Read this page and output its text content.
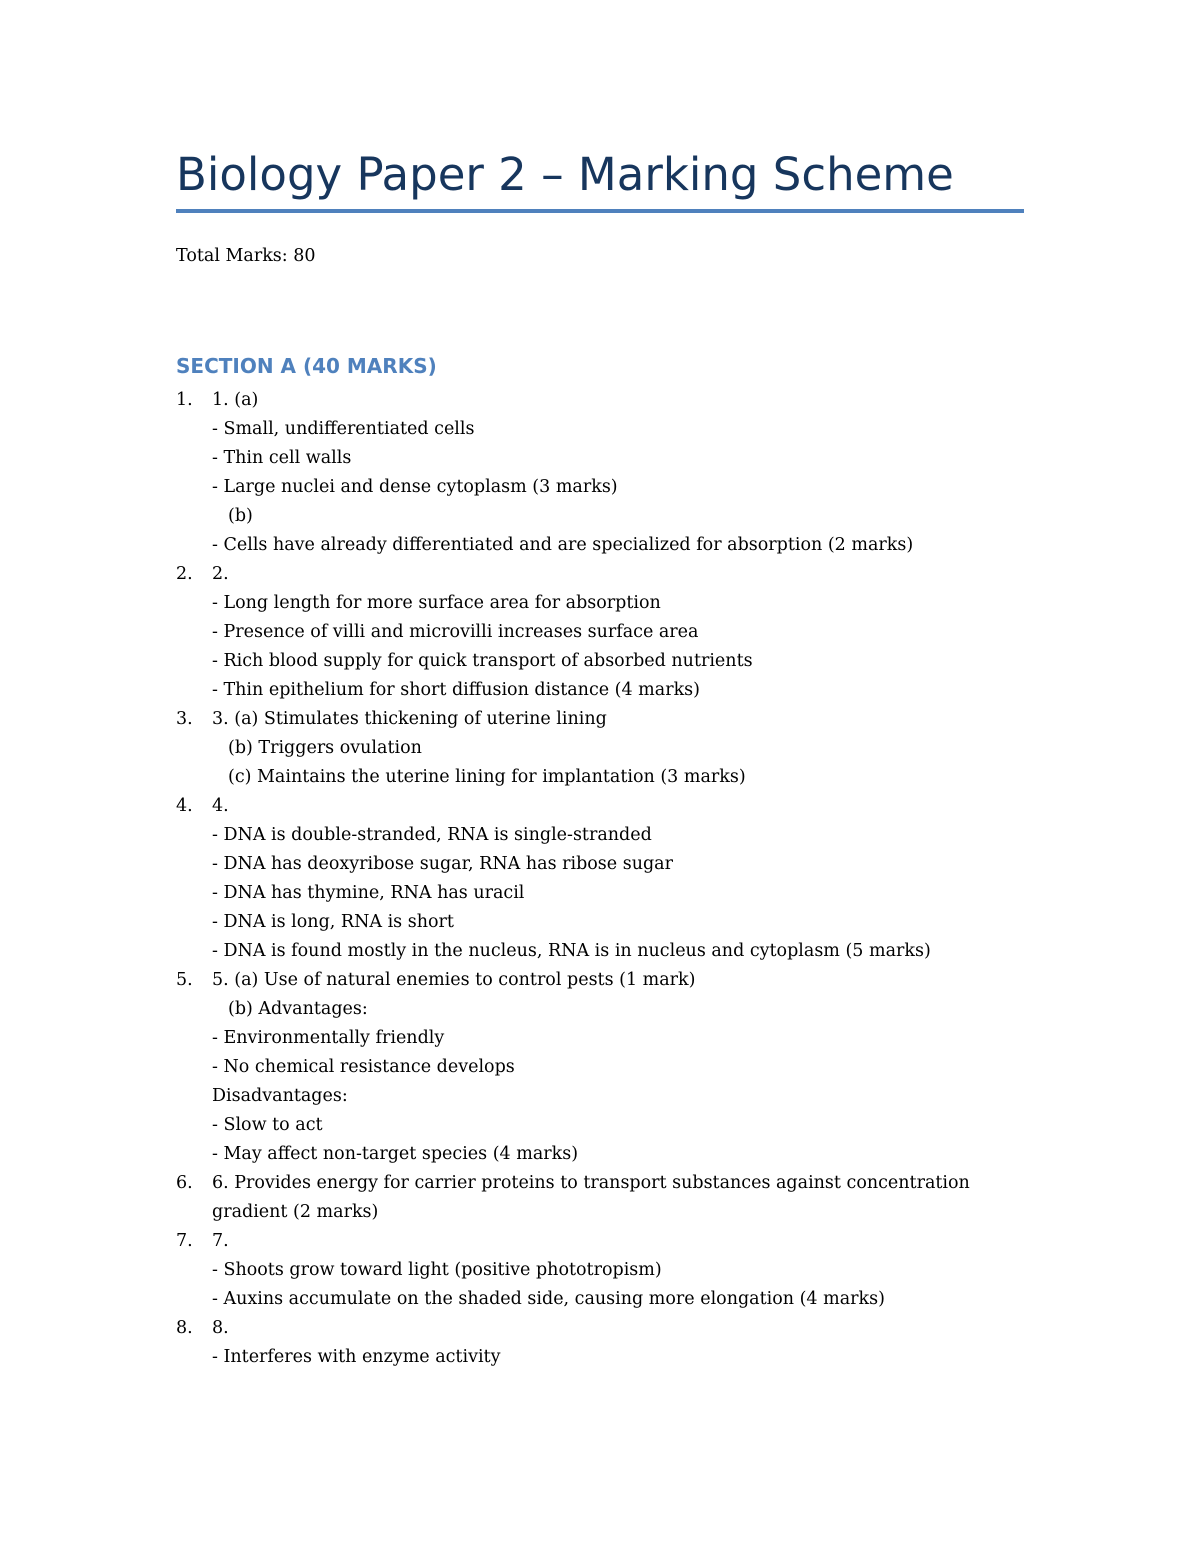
Biology Paper 2 – Marking Scheme

Total Marks: 80

SECTION A (40 MARKS)
1.	1. (a)
- Small, undifferentiated cells
- Thin cell walls
- Large nuclei and dense cytoplasm (3 marks)
(b)
- Cells have already differentiated and are specialized for absorption (2 marks)
2.	2.
- Long length for more surface area for absorption
- Presence of villi and microvilli increases surface area
- Rich blood supply for quick transport of absorbed nutrients
- Thin epithelium for short diffusion distance (4 marks)
3.	3. (a) Stimulates thickening of uterine lining
(b) Triggers ovulation
(c) Maintains the uterine lining for implantation (3 marks)
4.	4.
- DNA is double-stranded, RNA is single-stranded
- DNA has deoxyribose sugar, RNA has ribose sugar
- DNA has thymine, RNA has uracil
- DNA is long, RNA is short
- DNA is found mostly in the nucleus, RNA is in nucleus and cytoplasm (5 marks)
5.	5. (a) Use of natural enemies to control pests (1 mark)
(b) Advantages:
- Environmentally friendly
- No chemical resistance develops
Disadvantages:
- Slow to act
- May affect non-target species (4 marks)
6.	6. Provides energy for carrier proteins to transport substances against concentration gradient (2 marks)
7.	7.
- Shoots grow toward light (positive phototropism)
- Auxins accumulate on the shaded side, causing more elongation (4 marks)
8.	8.
- Interferes with enzyme activity
